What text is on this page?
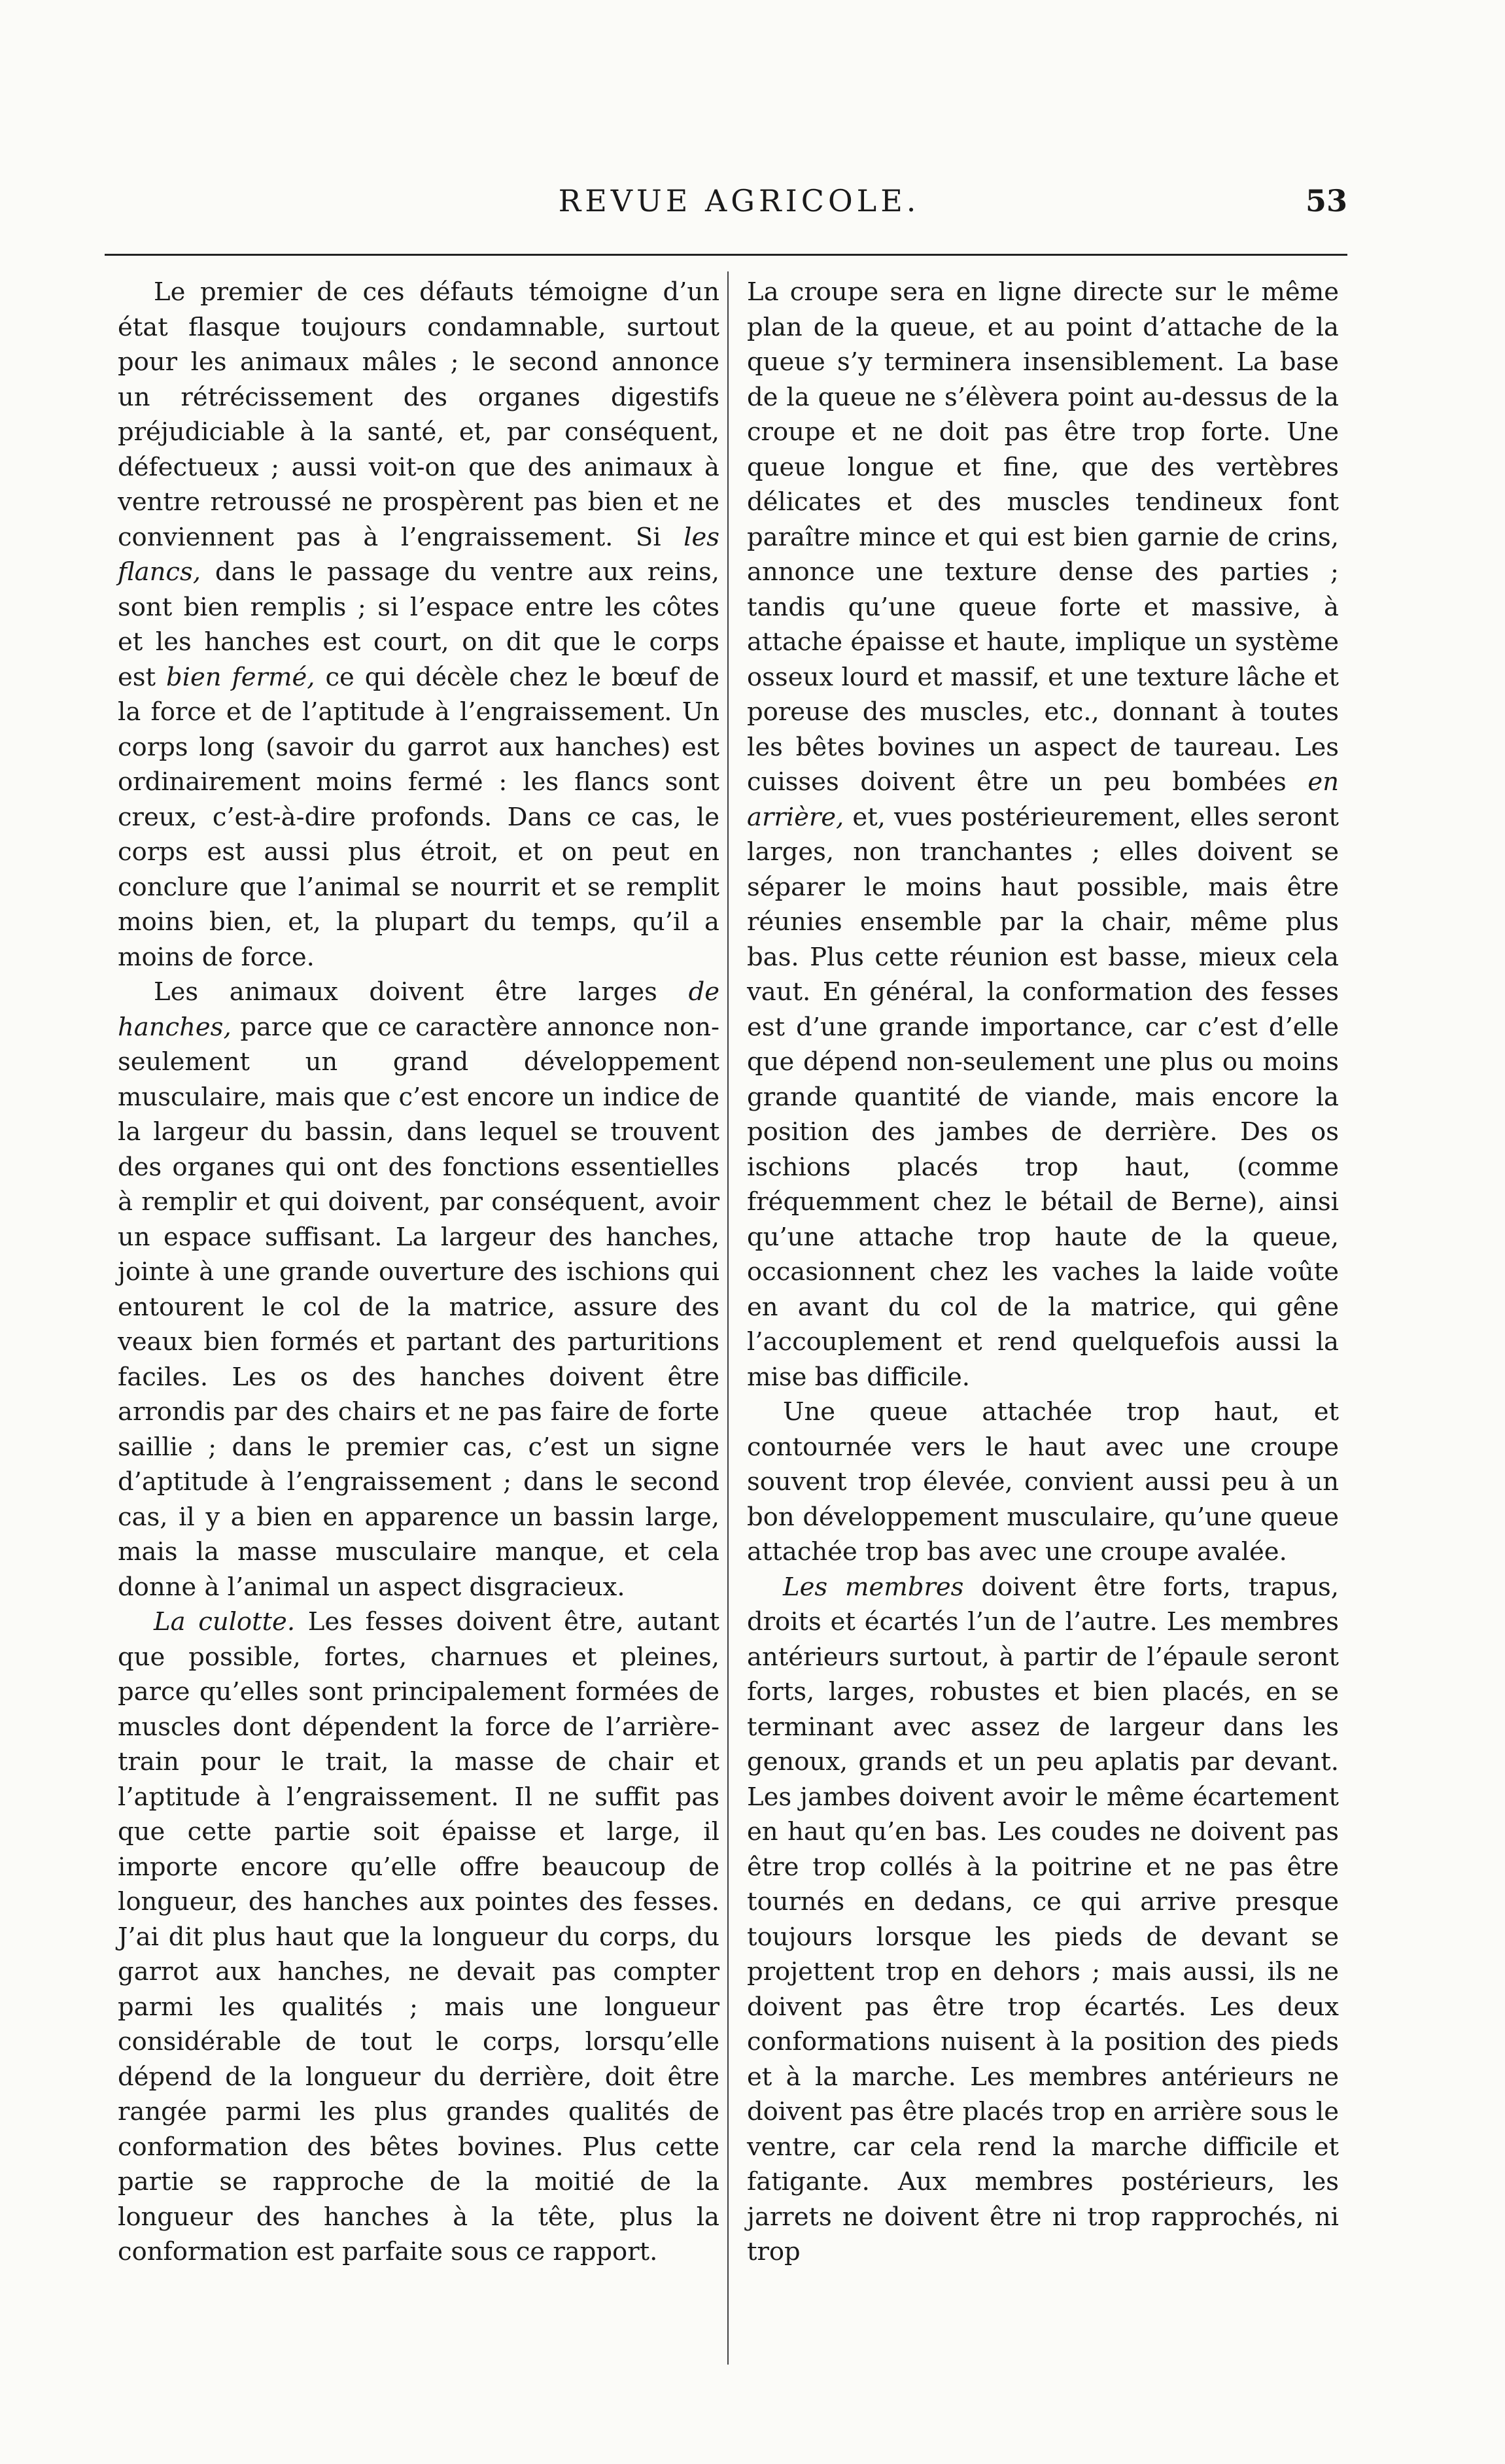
REVUE AGRICOLE.	53

Le premier de ces défauts témoigne d’un état flasque toujours condamnable, surtout pour les animaux mâles ; le second annonce un rétrécissement des organes digestifs préjudiciable à la santé, et, par conséquent, défectueux ; aussi voit-on que des animaux à ventre retroussé ne prospèrent pas bien et ne conviennent pas à l’engraissement. Si les flancs, dans le passage du ventre aux reins, sont bien remplis ; si l’espace entre les côtes et les hanches est court, on dit que le corps est bien fermé, ce qui décèle chez le bœuf de la force et de l’aptitude à l’engraissement. Un corps long (savoir du garrot aux hanches) est ordinairement moins fermé : les flancs sont creux, c’est-à-dire profonds. Dans ce cas, le corps est aussi plus étroit, et on peut en conclure que l’animal se nourrit et se remplit moins bien, et, la plupart du temps, qu’il a moins de force.

Les animaux doivent être larges de hanches, parce que ce caractère annonce non-seulement un grand développement musculaire, mais que c’est encore un indice de la largeur du bassin, dans lequel se trouvent des organes qui ont des fonctions essentielles à remplir et qui doivent, par conséquent, avoir un espace suffisant. La largeur des hanches, jointe à une grande ouverture des ischions qui entourent le col de la matrice, assure des veaux bien formés et partant des parturitions faciles. Les os des hanches doivent être arrondis par des chairs et ne pas faire de forte saillie ; dans le premier cas, c’est un signe d’aptitude à l’engraissement ; dans le second cas, il y a bien en apparence un bassin large, mais la masse musculaire manque, et cela donne à l’animal un aspect disgracieux.

La culotte. Les fesses doivent être, autant que possible, fortes, charnues et pleines, parce qu’elles sont principalement formées de muscles dont dépendent la force de l’arrière-train pour le trait, la masse de chair et l’aptitude à l’engraissement. Il ne suffit pas que cette partie soit épaisse et large, il importe encore qu’elle offre beaucoup de longueur, des hanches aux pointes des fesses. J’ai dit plus haut que la longueur du corps, du garrot aux hanches, ne devait pas compter parmi les qualités ; mais une longueur considérable de tout le corps, lorsqu’elle dépend de la longueur du derrière, doit être rangée parmi les plus grandes qualités de conformation des bêtes bovines. Plus cette partie se rapproche de la moitié de la longueur des hanches à la tête, plus la conformation est parfaite sous ce rapport.

La croupe sera en ligne directe sur le même plan de la queue, et au point d’attache de la queue s’y terminera insensiblement. La base de la queue ne s’élèvera point au-dessus de la croupe et ne doit pas être trop forte. Une queue longue et fine, que des vertèbres délicates et des muscles tendineux font paraître mince et qui est bien garnie de crins, annonce une texture dense des parties ; tandis qu’une queue forte et massive, à attache épaisse et haute, implique un système osseux lourd et massif, et une texture lâche et poreuse des muscles, etc., donnant à toutes les bêtes bovines un aspect de taureau. Les cuisses doivent être un peu bombées en arrière, et, vues postérieurement, elles seront larges, non tranchantes ; elles doivent se séparer le moins haut possible, mais être réunies ensemble par la chair, même plus bas. Plus cette réunion est basse, mieux cela vaut. En général, la conformation des fesses est d’une grande importance, car c’est d’elle que dépend non-seulement une plus ou moins grande quantité de viande, mais encore la position des jambes de derrière. Des os ischions placés trop haut, (comme fréquemment chez le bétail de Berne), ainsi qu’une attache trop haute de la queue, occasionnent chez les vaches la laide voûte en avant du col de la matrice, qui gêne l’accouplement et rend quelquefois aussi la mise bas difficile.

Une queue attachée trop haut, et contournée vers le haut avec une croupe souvent trop élevée, convient aussi peu à un bon développement musculaire, qu’une queue attachée trop bas avec une croupe avalée.

Les membres doivent être forts, trapus, droits et écartés l’un de l’autre. Les membres antérieurs surtout, à partir de l’épaule seront forts, larges, robustes et bien placés, en se terminant avec assez de largeur dans les genoux, grands et un peu aplatis par devant. Les jambes doivent avoir le même écartement en haut qu’en bas. Les coudes ne doivent pas être trop collés à la poitrine et ne pas être tournés en dedans, ce qui arrive presque toujours lorsque les pieds de devant se projettent trop en dehors ; mais aussi, ils ne doivent pas être trop écartés. Les deux conformations nuisent à la position des pieds et à la marche. Les membres antérieurs ne doivent pas être placés trop en arrière sous le ventre, car cela rend la marche difficile et fatigante. Aux membres postérieurs, les jarrets ne doivent être ni trop rapprochés, ni trop
